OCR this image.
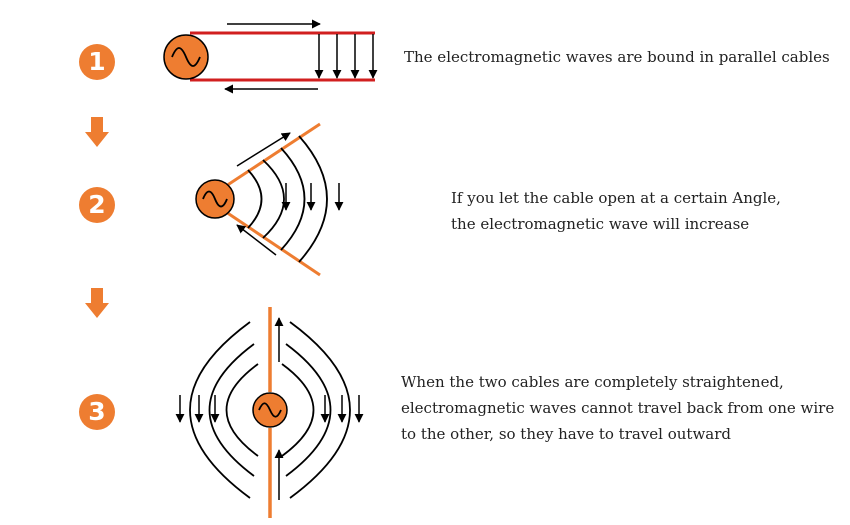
1
2
3
The electromagnetic waves are bound in parallel cables
If you let the cable open at a certain Angle,
the electromagnetic wave will increase
When the two cables are completely straightened,
electromagnetic waves cannot travel back from one wire
to the other, so they have to travel outward
